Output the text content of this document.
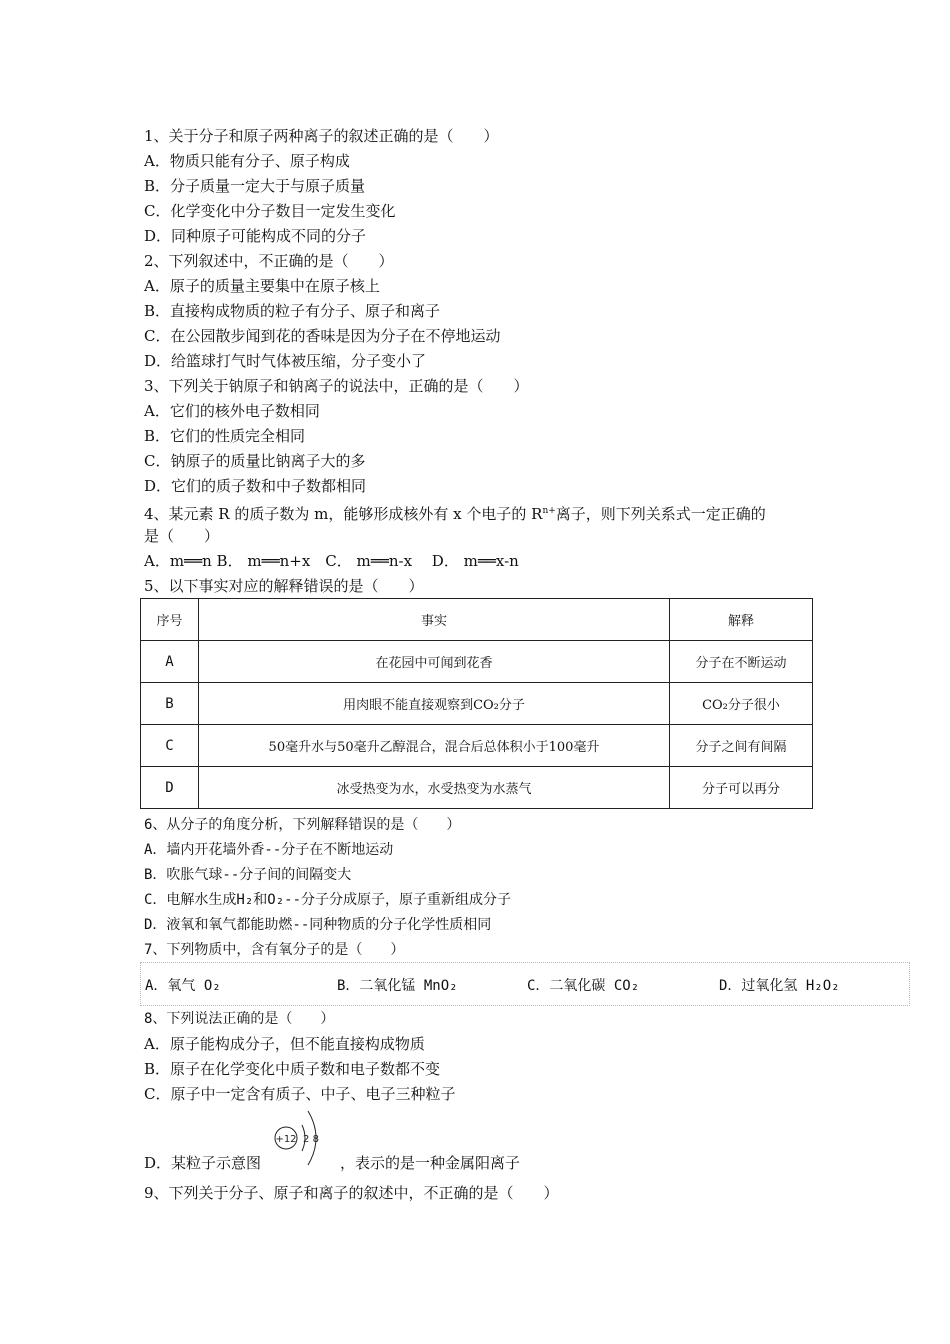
1、关于分子和原子两种离子的叙述正确的是（　　）
A．物质只能有分子、原子构成
B．分子质量一定大于与原子质量
C．化学变化中分子数目一定发生变化
D．同种原子可能构成不同的分子
2、下列叙述中，不正确的是（　　）
A．原子的质量主要集中在原子核上
B．直接构成物质的粒子有分子、原子和离子
C．在公园散步闻到花的香味是因为分子在不停地运动
D．给篮球打气时气体被压缩，分子变小了
3、下列关于钠原子和钠离子的说法中，正确的是（　　）
A．它们的核外电子数相同
B．它们的性质完全相同
C．钠原子的质量比钠离子大的多
D．它们的质子数和中子数都相同
4、某元素 R 的质子数为 m，能够形成核外有 x 个电子的 $R^{n+}$离子，则下列关系式一定正确的
是（　　）
A．m══n B． m══n+x　C． m══n-x　 D． m══x-n
5、以下事实对应的解释错误的是（　　）
序号	事实	解释
A	在花园中可闻到花香	分子在不断运动
B	用肉眼不能直接观察到CO₂分子	CO₂分子很小
C	50毫升水与50毫升乙醇混合，混合后总体积小于100毫升	分子之间有间隔
D	冰受热变为水，水受热变为水蒸气	分子可以再分
6、从分子的角度分析，下列解释错误的是（　　）
A．墙内开花墙外香--分子在不断地运动
B．吹胀气球--分子间的间隔变大
C．电解水生成H₂和O₂--分子分成原子，原子重新组成分子
D．液氧和氧气都能助燃--同种物质的分子化学性质相同
7、下列物质中，含有氧分子的是（　　）
A．氧气 O₂	B．二氧化锰 MnO₂	C．二氧化碳 CO₂	D．过氧化氢 H₂O₂
8、下列说法正确的是（　　）
A．原子能构成分子，但不能直接构成物质
B．原子在化学变化中质子数和电子数都不变
C．原子中一定含有质子、中子、电子三种粒子
D．某粒子示意图	，表示的是一种金属阳离子
+12 2 8
9、下列关于分子、原子和离子的叙述中，不正确的是（　　）
